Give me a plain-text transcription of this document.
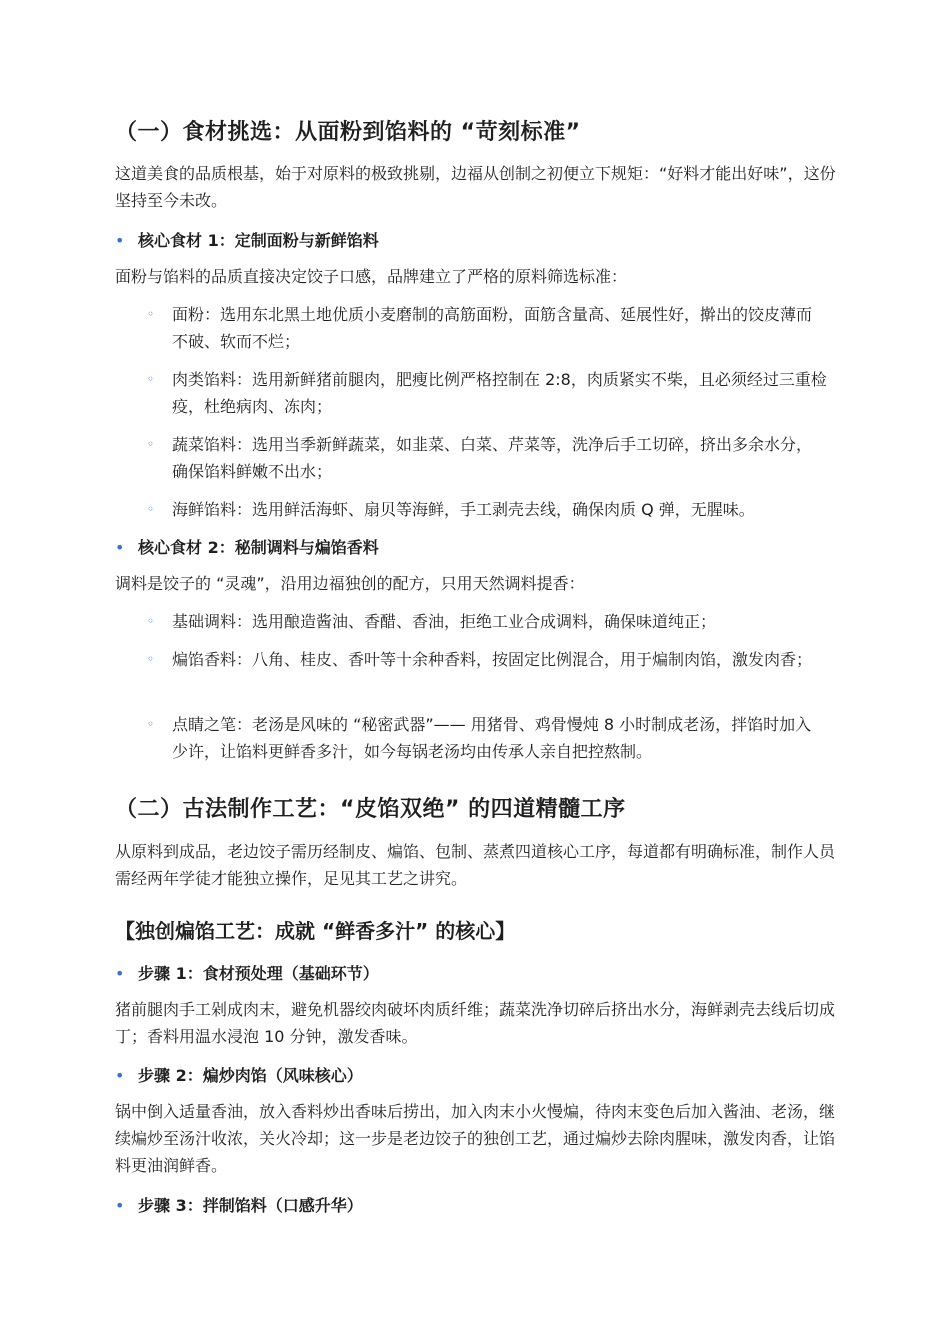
（一）食材挑选：从面粉到馅料的 “苛刻标准”

这道美食的品质根基，始于对原料的极致挑剔，边福从创制之初便立下规矩：“好料才能出好味”，这份坚持至今未改。

• 核心食材 1：定制面粉与新鲜馅料

面粉与馅料的品质直接决定饺子口感，品牌建立了严格的原料筛选标准：

◦	面粉：选用东北黑土地优质小麦磨制的高筋面粉，面筋含量高、延展性好，擀出的饺皮薄而不破、软而不烂；
◦	肉类馅料：选用新鲜猪前腿肉，肥瘦比例严格控制在 2:8，肉质紧实不柴，且必须经过三重检疫，杜绝病肉、冻肉；
◦	蔬菜馅料：选用当季新鲜蔬菜，如韭菜、白菜、芹菜等，洗净后手工切碎，挤出多余水分，确保馅料鲜嫩不出水；
◦	海鲜馅料：选用鲜活海虾、扇贝等海鲜，手工剥壳去线，确保肉质 Q 弹，无腥味。
• 核心食材 2：秘制调料与煸馅香料

调料是饺子的 “灵魂”，沿用边福独创的配方，只用天然调料提香：

◦	基础调料：选用酿造酱油、香醋、香油，拒绝工业合成调料，确保味道纯正；
◦	煸馅香料：八角、桂皮、香叶等十余种香料，按固定比例混合，用于煸制肉馅，激发肉香；
◦	点睛之笔：老汤是风味的 “秘密武器”—— 用猪骨、鸡骨慢炖 8 小时制成老汤，拌馅时加入少许，让馅料更鲜香多汁，如今每锅老汤均由传承人亲自把控熬制。
（二）古法制作工艺：“皮馅双绝” 的四道精髓工序

从原料到成品，老边饺子需历经制皮、煸馅、包制、蒸煮四道核心工序，每道都有明确标准，制作人员需经两年学徒才能独立操作，足见其工艺之讲究。

【独创煸馅工艺：成就 “鲜香多汁” 的核心】
• 步骤 1：食材预处理（基础环节）

猪前腿肉手工剁成肉末，避免机器绞肉破坏肉质纤维；蔬菜洗净切碎后挤出水分，海鲜剥壳去线后切成丁；香料用温水浸泡 10 分钟，激发香味。

• 步骤 2：煸炒肉馅（风味核心）

锅中倒入适量香油，放入香料炒出香味后捞出，加入肉末小火慢煸，待肉末变色后加入酱油、老汤，继续煸炒至汤汁收浓，关火冷却；这一步是老边饺子的独创工艺，通过煸炒去除肉腥味，激发肉香，让馅料更油润鲜香。

• 步骤 3：拌制馅料（口感升华）
